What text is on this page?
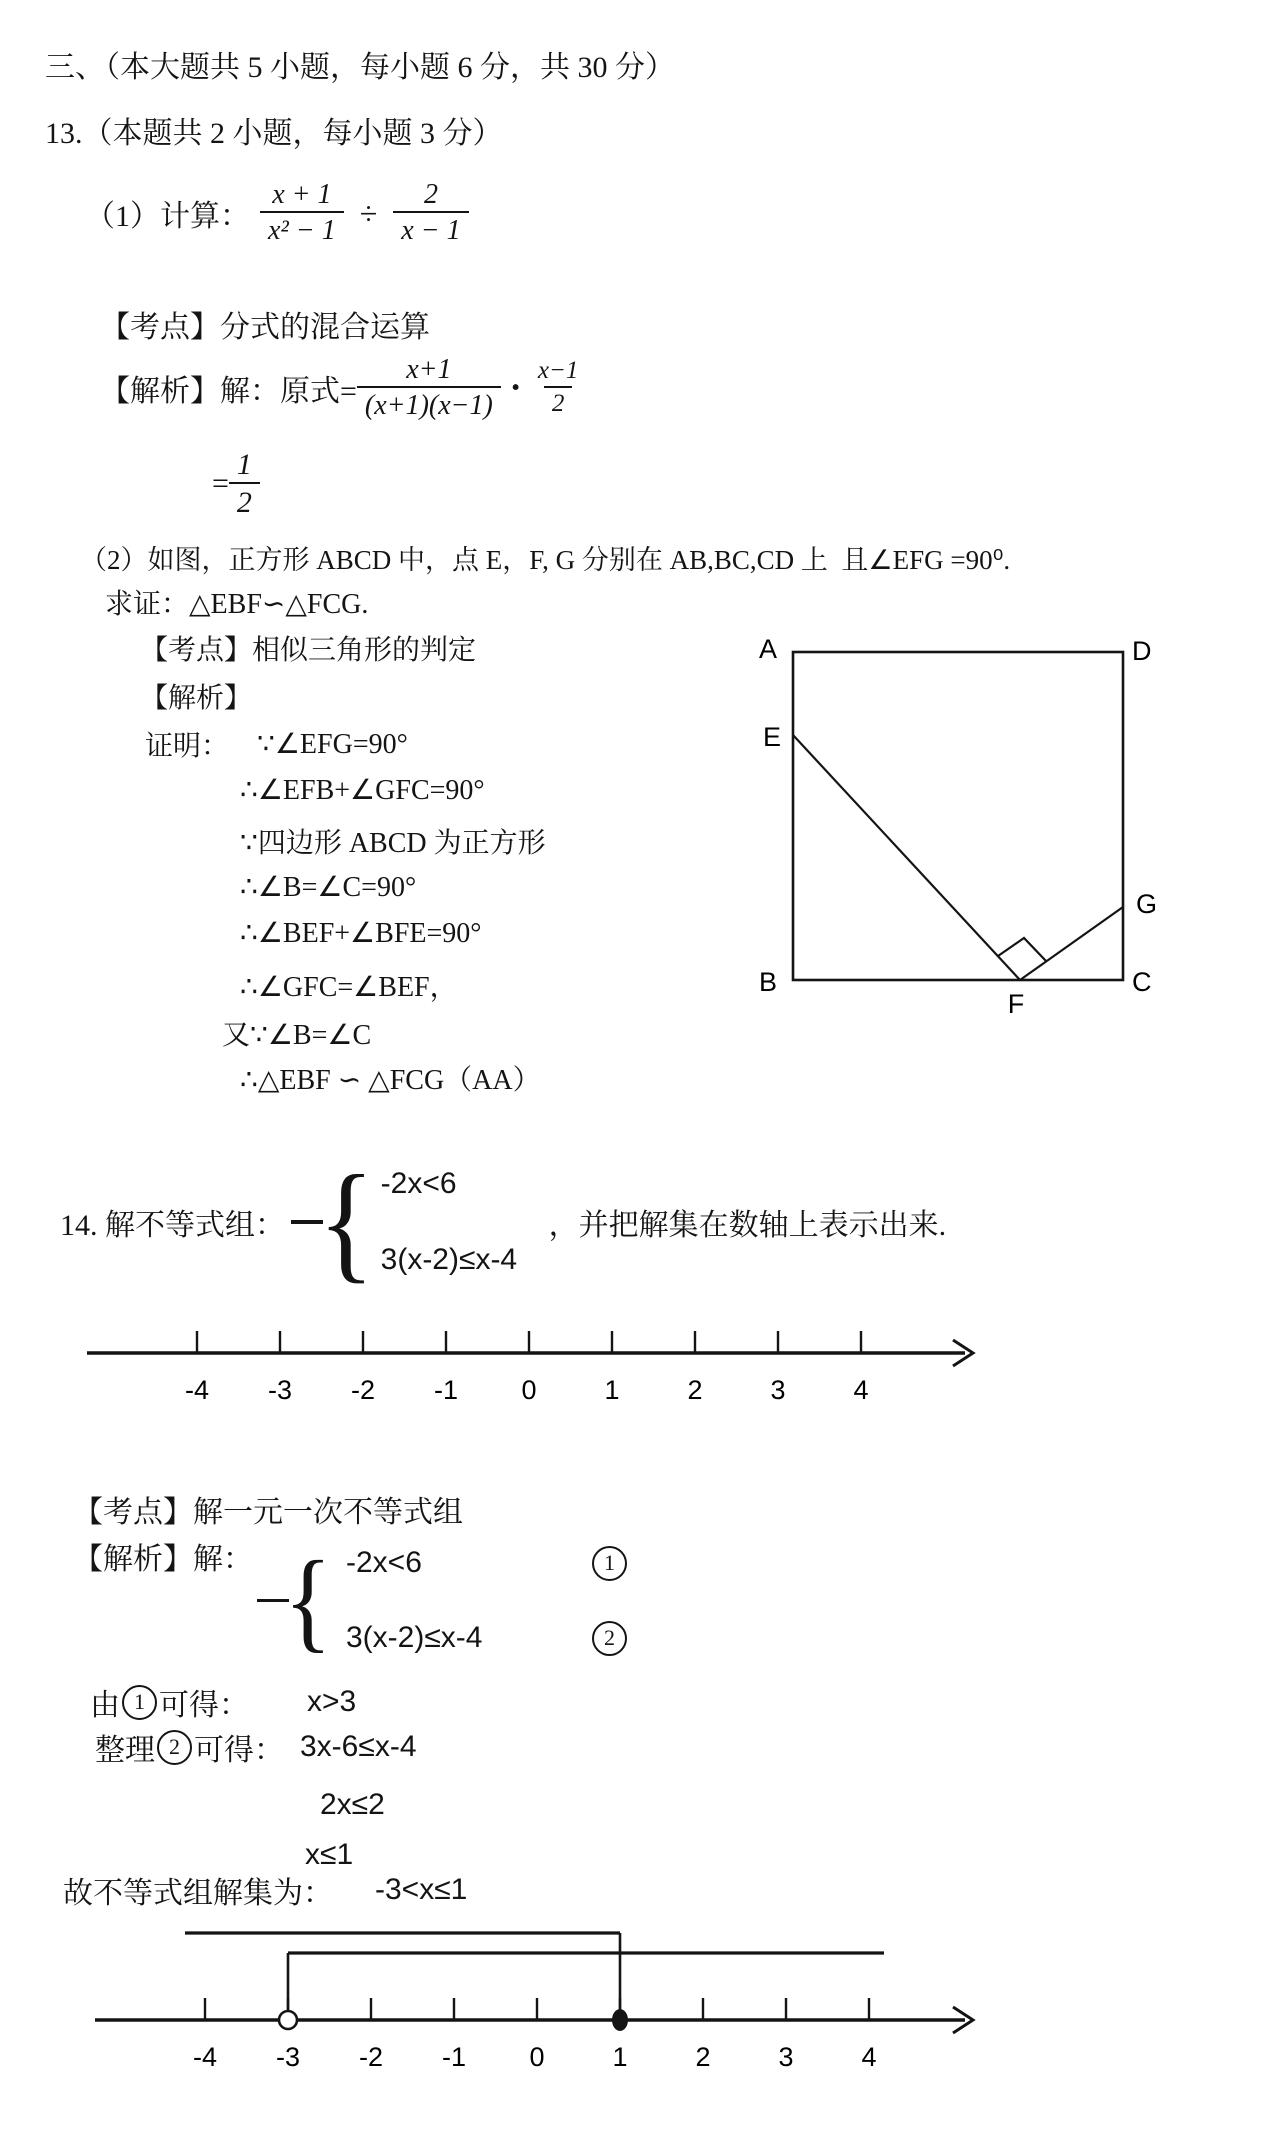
三、（本大题共 5 小题，每小题 6 分，共 30 分）
13.（本题共 2 小题，每小题 3 分）
（1）计算： $\frac{x + 1}{\text{x² − 1}} \div \frac{2}{x - 1}$
【考点】分式的混合运算
【解析】解：原式= $\frac{x+1}{(x+1)(x-1)} \cdot \frac{x-1}{2}$
= $\frac{1}{2}$
（2）如图，正方形 ABCD 中，点 E，F, G 分别在 AB,BC,CD 上  且∠EFG =90⁰.
求证：△EBF∽△FCG.
【考点】相似三角形的判定
【解析】
证明： ∵∠EFG=90°
∴∠EFB+∠GFC=90°
∵四边形 ABCD 为正方形
∴∠B=∠C=90°
∴∠BEF+∠BFE=90°
∴∠GFC=∠BEF，
又∵∠B=∠C
∴△EBF ∽ △FCG（AA）
14. 解不等式组： { -2x<6
3(x-2)≤x-4
，并把解集在数轴上表示出来.
【考点】解一元一次不等式组
【解析】解： { -2x<6	1
3(x-2)≤x-4	2
由 1 可得： x>3
整理 2 可得： 3x-6≤x-4
2x≤2
x≤1
故不等式组解集为： -3<x≤1
A	D
B	C
E
G
F
-4 -3 -2 -1 0	1	2	3	4
-4 -3 -2 -1 0	1	2	3	4
